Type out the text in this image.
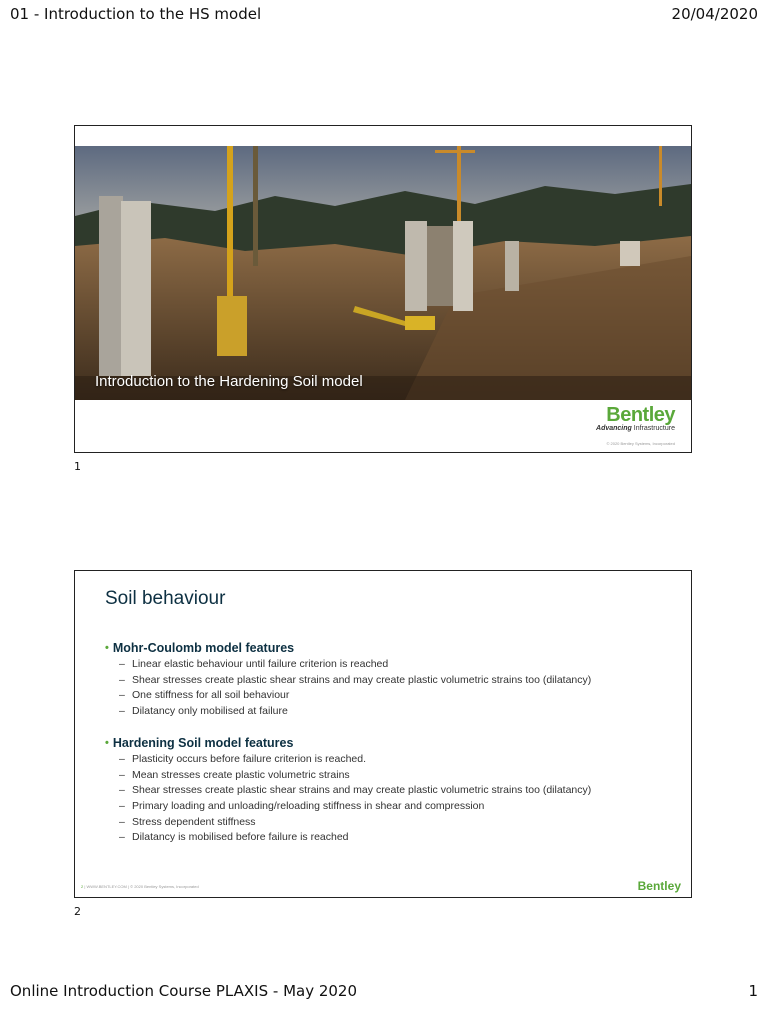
01 - Introduction to the HS model	20/04/2020
Introduction to the Hardening Soil model
Bentley
Advancing Infrastructure
© 2020 Bentley Systems, Incorporated
1
Soil behaviour
• Mohr-Coulomb model features
– Linear elastic behaviour until failure criterion is reached
– Shear stresses create plastic shear strains and may create plastic volumetric strains too (dilatancy)
– One stiffness for all soil behaviour
– Dilatancy only mobilised at failure
• Hardening Soil model features
– Plasticity occurs before failure criterion is reached.
– Mean stresses create plastic volumetric strains
– Shear stresses create plastic shear strains and may create plastic volumetric strains too (dilatancy)
– Primary loading and unloading/reloading stiffness in shear and compression
– Stress dependent stiffness
– Dilatancy is mobilised before failure is reached
2 | WWW.BENTLEY.COM | © 2020 Bentley Systems, Incorporated	Bentley
2
Online Introduction Course PLAXIS - May 2020	1
